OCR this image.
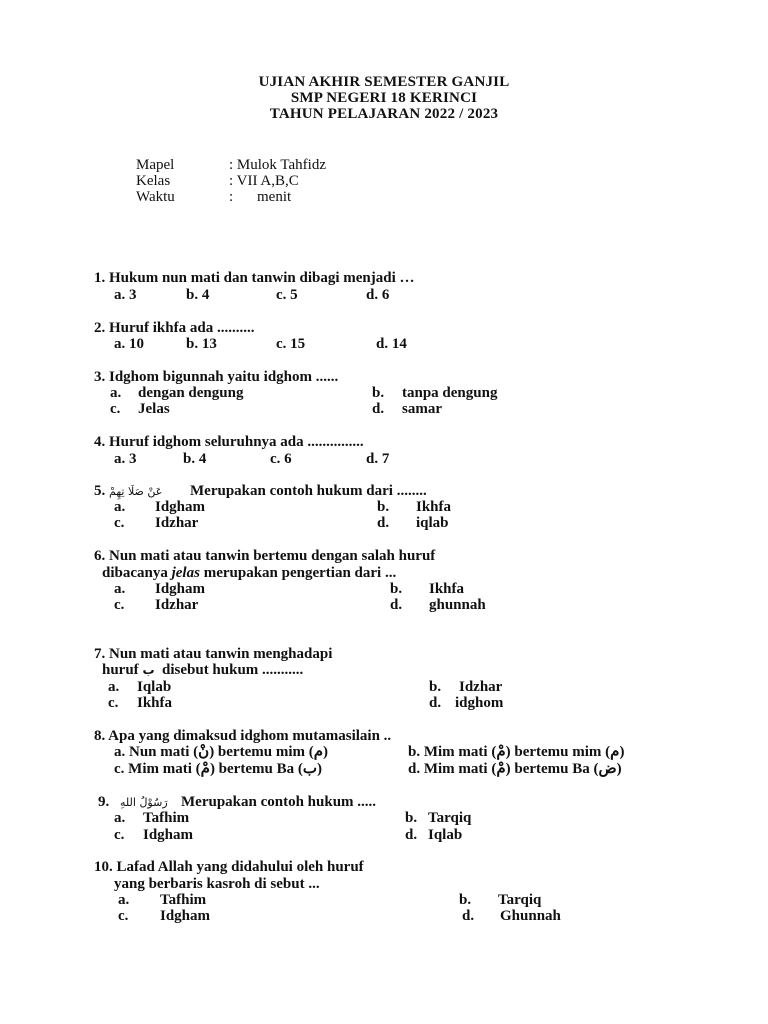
UJIAN AKHIR SEMESTER GANJIL
SMP NEGERI 18 KERINCI
TAHUN PELAJARAN 2022 / 2023
Mapel	: Mulok Tahfidz
Kelas	: VII A,B,C
Waktu	: menit
1. Hukum nun mati dan tanwin dibagi menjadi …
a. 3	b. 4	c. 5	d. 6
2. Huruf ikhfa ada ..........
a. 10	b. 13	c. 15	d. 14
3. Idghom bigunnah yaitu idghom ......
a. dengan dengung	b. tanpa dengung
c. Jelas	d. samar
4. Huruf idghom seluruhnya ada ...............
a. 3	b. 4	c. 6	d. 7
5. عَنْ صَلَا تِهِمْ Merupakan contoh hukum dari ........
a. Idgham	b. Ikhfa
c. Idzhar	d. iqlab
6. Nun mati atau tanwin bertemu dengan salah huruf
dibacanya jelas merupakan pengertian dari ...
a. Idgham	b. Ikhfa
c. Idzhar	d. ghunnah
7. Nun mati atau tanwin menghadapi
huruf ب disebut hukum ...........
a. Iqlab	b. Idzhar
c. Ikhfa	d. idghom
8. Apa yang dimaksud idghom mutamasilain ..
a. Nun mati (نْ) bertemu mim (م)	b. Mim mati (مْ) bertemu mim (م)
c. Mim mati (مْ) bertemu Ba (ب)	d. Mim mati (مْ) bertemu Ba (ض)
9. رَسُوْلُ اللهِ Merupakan contoh hukum .....
a. Tafhim	b. Tarqiq
c. Idgham	d. Iqlab
10. Lafad Allah yang didahului oleh huruf
yang berbaris kasroh di sebut ...
a. Tafhim	b. Tarqiq
c. Idgham	d. Ghunnah
